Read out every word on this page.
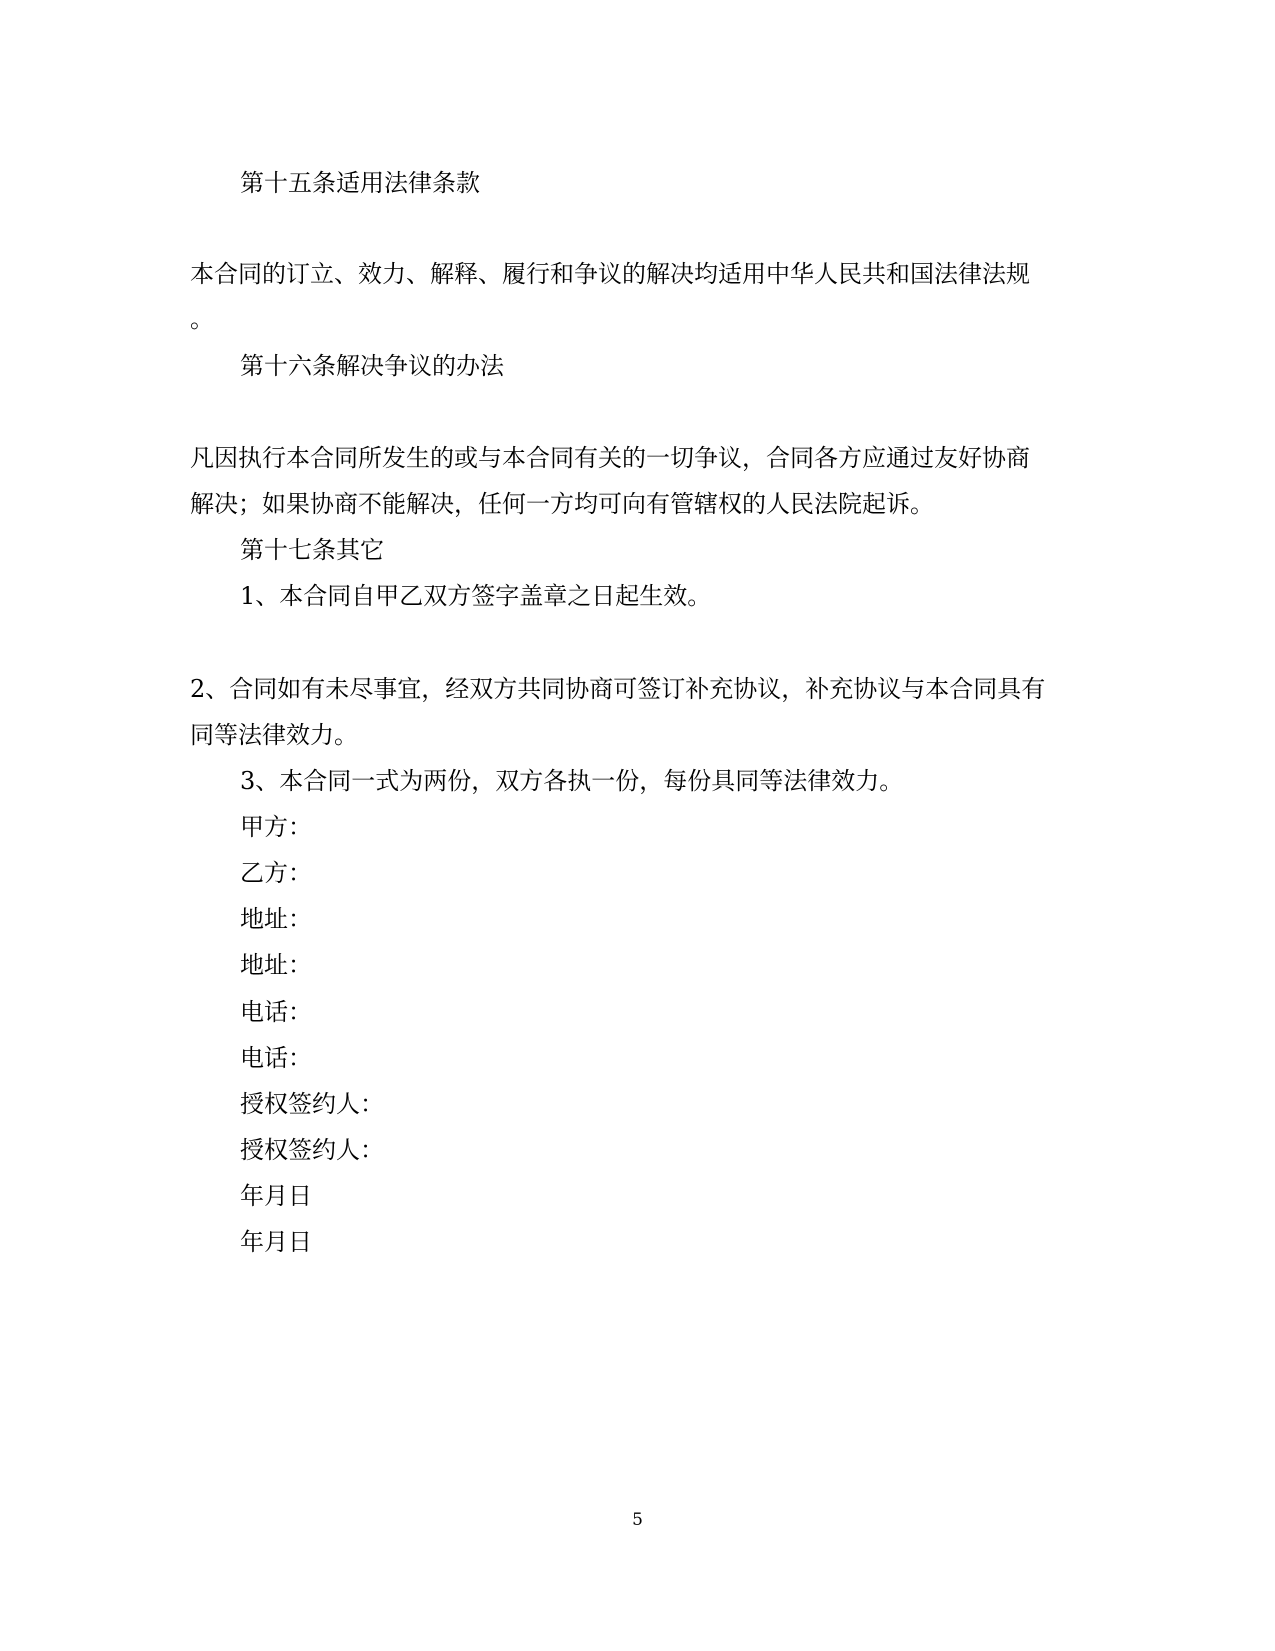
第十五条适用法律条款
本合同的订立、效力、解释、履行和争议的解决均适用中华人民共和国法律法规
。
第十六条解决争议的办法
凡因执行本合同所发生的或与本合同有关的一切争议，合同各方应通过友好协商
解决；如果协商不能解决，任何一方均可向有管辖权的人民法院起诉。
第十七条其它
1、本合同自甲乙双方签字盖章之日起生效。
2、合同如有未尽事宜，经双方共同协商可签订补充协议，补充协议与本合同具有
同等法律效力。
3、本合同一式为两份，双方各执一份，每份具同等法律效力。
甲方：
乙方：
地址：
地址：
电话：
电话：
授权签约人：
授权签约人：
年月日
年月日
5
